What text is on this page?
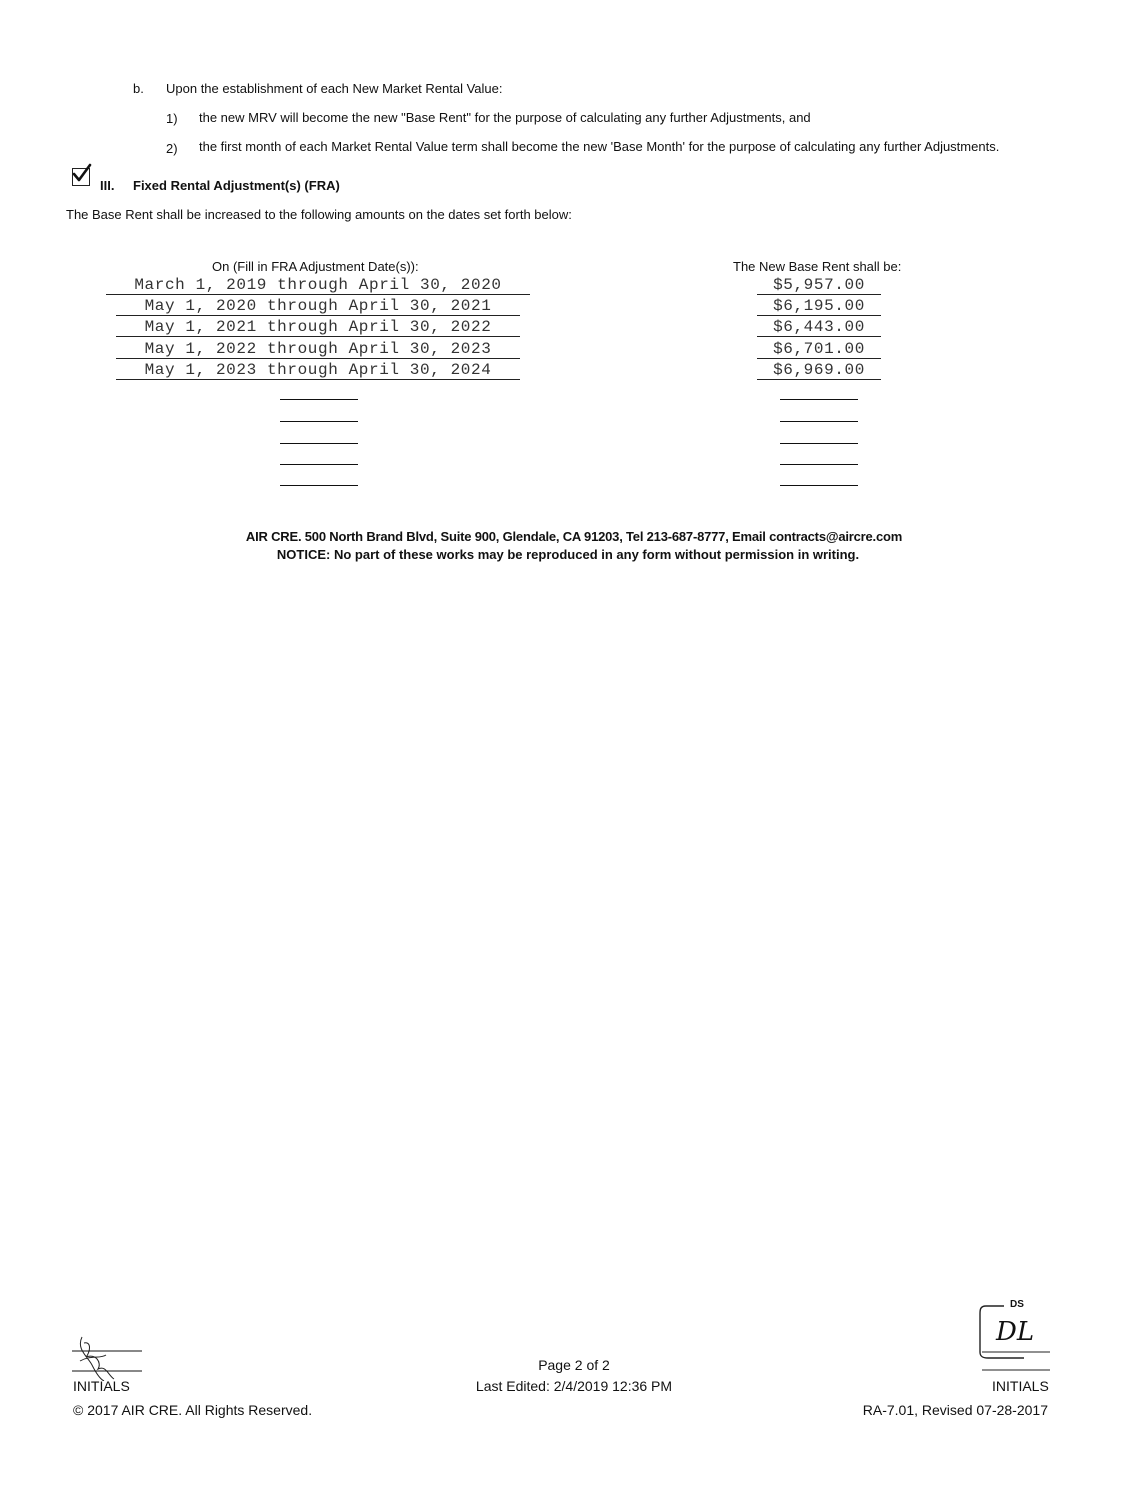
b. Upon the establishment of each New Market Rental Value:
1) the new MRV will become the new "Base Rent" for the purpose of calculating any further Adjustments, and
2) the first month of each Market Rental Value term shall become the new 'Base Month' for the purpose of calculating any further Adjustments.
III. Fixed Rental Adjustment(s) (FRA)
The Base Rent shall be increased to the following amounts on the dates set forth below:
On (Fill in FRA Adjustment Date(s)):	The New Base Rent shall be:
March 1, 2019 through April 30, 2020
May 1, 2020 through April 30, 2021
May 1, 2021 through April 30, 2022
May 1, 2022 through April 30, 2023
May 1, 2023 through April 30, 2024
$5,957.00
$6,195.00
$6,443.00
$6,701.00
$6,969.00
AIR CRE. 500 North Brand Blvd, Suite 900, Glendale, CA 91203, Tel 213-687-8777, Email contracts@aircre.com
NOTICE: No part of these works may be reproduced in any form without permission in writing.
INITIALS
© 2017 AIR CRE. All Rights Reserved.
Page 2 of 2
Last Edited: 2/4/2019 12:36 PM
DS
DL
INITIALS
RA-7.01, Revised 07-28-2017
